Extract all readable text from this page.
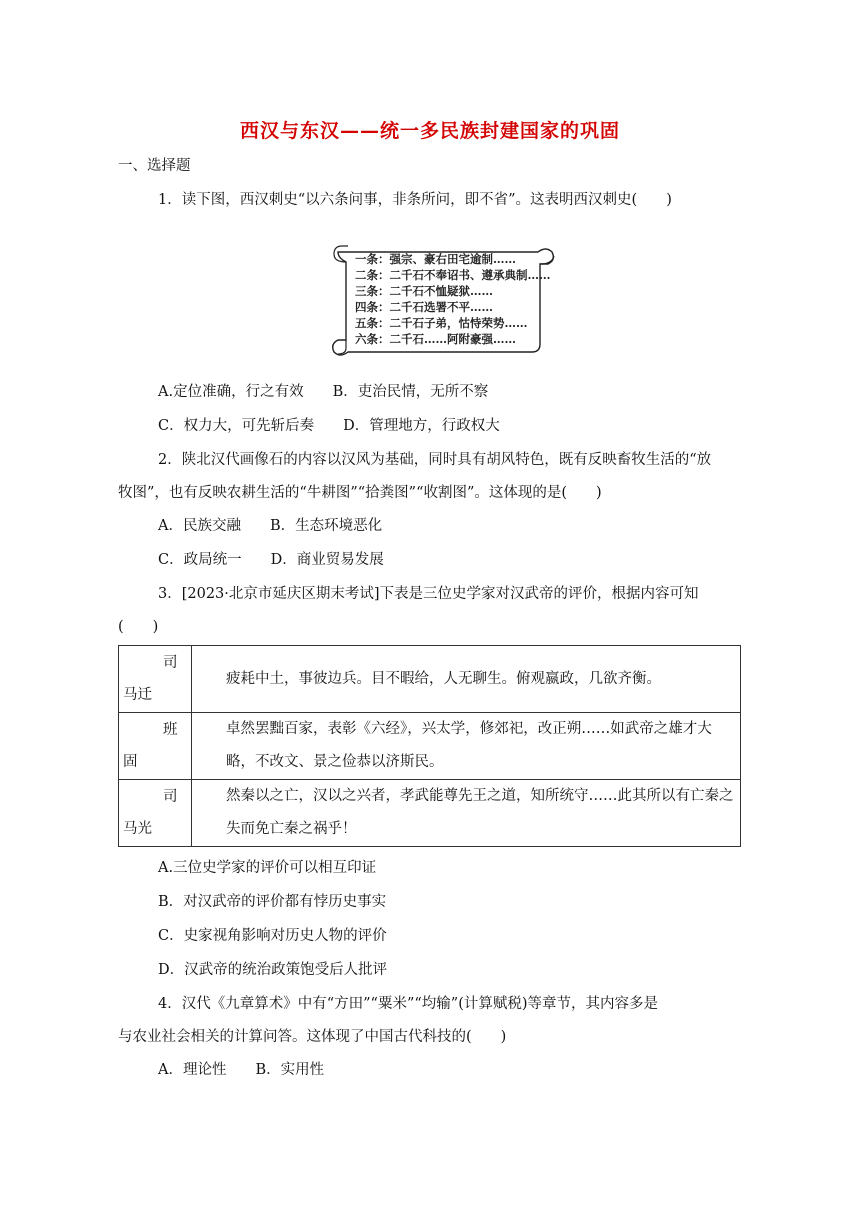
西汉与东汉——统一多民族封建国家的巩固
一、选择题
1．读下图，西汉刺史“以六条问事，非条所问，即不省”。这表明西汉刺史(　　)
一条：强宗、豪右田宅逾制……
二条：二千石不奉诏书、遵承典制……
三条：二千石不恤疑狱……
四条：二千石选署不平……
五条：二千石子弟，怙恃荣势……
六条：二千石……阿附豪强……
A.定位准确，行之有效　　B．吏治民情，无所不察
C．权力大，可先斩后奏　　D．管理地方，行政权大
2．陕北汉代画像石的内容以汉风为基础，同时具有胡风特色，既有反映畜牧生活的“放
牧图”，也有反映农耕生活的“牛耕图”“拾粪图”“收割图”。这体现的是(　　)
A．民族交融　　B．生态环境恶化
C．政局统一　　D．商业贸易发展
3．[2023·北京市延庆区期末考试]下表是三位史学家对汉武帝的评价，根据内容可知
(　　)
司
马迁	疲耗中土，事彼边兵。目不暇给，人无聊生。俯观嬴政，几欲齐衡。

班
固	卓然罢黜百家，表彰《六经》，兴太学，修郊祀，改正朔……如武帝之雄才大略，不改文、景之俭恭以济斯民。

司
马光	然秦以之亡，汉以之兴者，孝武能尊先王之道，知所统守……此其所以有亡秦之失而免亡秦之祸乎！
A.三位史学家的评价可以相互印证
B．对汉武帝的评价都有悖历史事实
C．史家视角影响对历史人物的评价
D．汉武帝的统治政策饱受后人批评
4．汉代《九章算术》中有“方田”“粟米”“均输”(计算赋税)等章节，其内容多是
与农业社会相关的计算问答。这体现了中国古代科技的(　　)
A．理论性　　B．实用性
